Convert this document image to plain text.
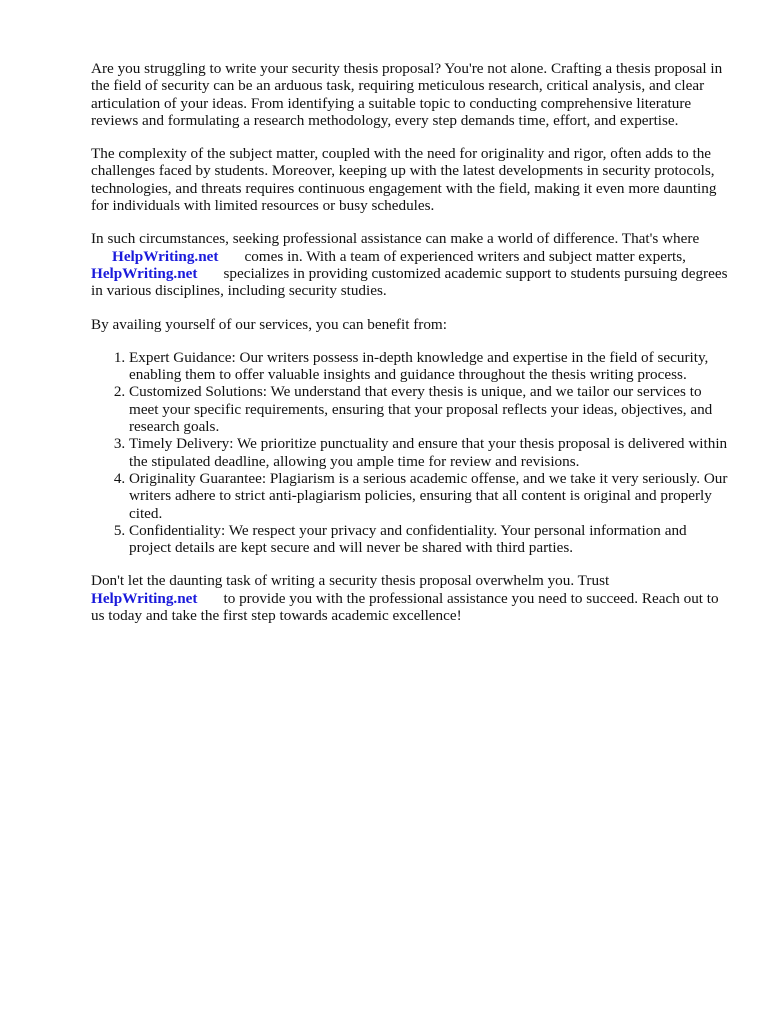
Are you struggling to write your security thesis proposal? You're not alone. Crafting a thesis proposal in the field of security can be an arduous task, requiring meticulous research, critical analysis, and clear articulation of your ideas. From identifying a suitable topic to conducting comprehensive literature reviews and formulating a research methodology, every step demands time, effort, and expertise.

The complexity of the subject matter, coupled with the need for originality and rigor, often adds to the challenges faced by students. Moreover, keeping up with the latest developments in security protocols, technologies, and threats requires continuous engagement with the field, making it even more daunting for individuals with limited resources or busy schedules.

In such circumstances, seeking professional assistance can make a world of difference. That's where
HelpWriting.net comes in. With a team of experienced writers and subject matter experts,
HelpWriting.net specializes in providing customized academic support to students pursuing degrees in various disciplines, including security studies.

By availing yourself of our services, you can benefit from:

1. Expert Guidance: Our writers possess in-depth knowledge and expertise in the field of security, enabling them to offer valuable insights and guidance throughout the thesis writing process.
2. Customized Solutions: We understand that every thesis is unique, and we tailor our services to meet your specific requirements, ensuring that your proposal reflects your ideas, objectives, and research goals.
3. Timely Delivery: We prioritize punctuality and ensure that your thesis proposal is delivered within the stipulated deadline, allowing you ample time for review and revisions.
4. Originality Guarantee: Plagiarism is a serious academic offense, and we take it very seriously. Our writers adhere to strict anti-plagiarism policies, ensuring that all content is original and properly cited.
5. Confidentiality: We respect your privacy and confidentiality. Your personal information and project details are kept secure and will never be shared with third parties.

Don't let the daunting task of writing a security thesis proposal overwhelm you. Trust
HelpWriting.net to provide you with the professional assistance you need to succeed. Reach out to us today and take the first step towards academic excellence!
